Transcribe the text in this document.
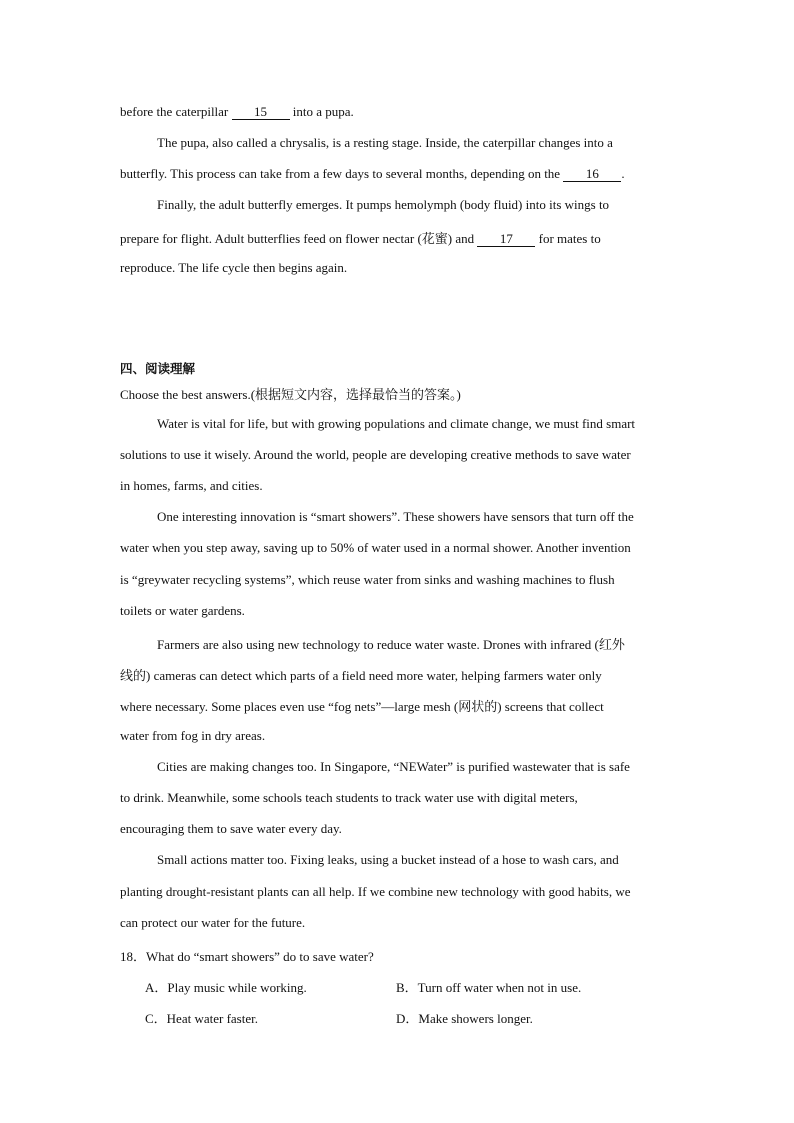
before the caterpillar 15 into a pupa.
The pupa, also called a chrysalis, is a resting stage. Inside, the caterpillar changes into a
butterfly. This process can take from a few days to several months, depending on the 16 .
Finally, the adult butterfly emerges. It pumps hemolymph (body fluid) into its wings to
prepare for flight. Adult butterflies feed on flower nectar (花蜜) and 17 for mates to
reproduce. The life cycle then begins again.
四、阅读理解
Choose the best answers.(根据短文内容，选择最恰当的答案。)
Water is vital for life, but with growing populations and climate change, we must find smart
solutions to use it wisely. Around the world, people are developing creative methods to save water
in homes, farms, and cities.
One interesting innovation is “smart showers”. These showers have sensors that turn off the
water when you step away, saving up to 50% of water used in a normal shower. Another invention
is “greywater recycling systems”, which reuse water from sinks and washing machines to flush
toilets or water gardens.
Farmers are also using new technology to reduce water waste. Drones with infrared (红外
线的) cameras can detect which parts of a field need more water, helping farmers water only
where necessary. Some places even use “fog nets”—large mesh (网状的) screens that collect
water from fog in dry areas.
Cities are making changes too. In Singapore, “NEWater” is purified wastewater that is safe
to drink. Meanwhile, some schools teach students to track water use with digital meters,
encouraging them to save water every day.
Small actions matter too. Fixing leaks, using a bucket instead of a hose to wash cars, and
planting drought-resistant plants can all help. If we combine new technology with good habits, we
can protect our water for the future.
18．What do “smart showers” do to save water?
A．Play music while working.	B．Turn off water when not in use.
C．Heat water faster.	D．Make showers longer.
